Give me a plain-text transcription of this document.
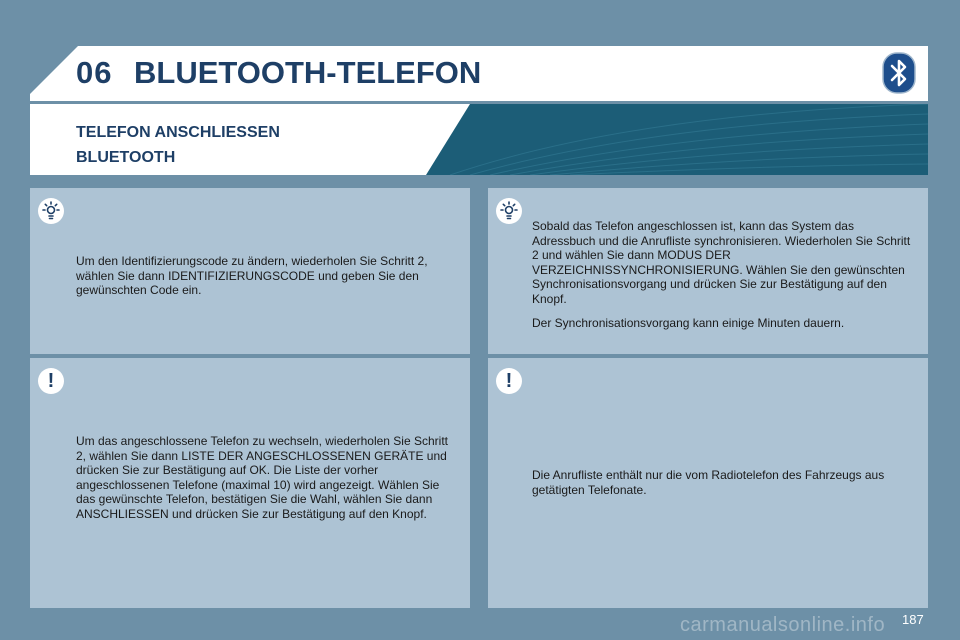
06 BLUETOOTH-TELEFON
TELEFON ANSCHLIESSEN
BLUETOOTH
!	!
Um den Identifizierungscode zu ändern, wiederholen Sie Schritt 2, wählen Sie dann IDENTIFIZIERUNGSCODE und geben Sie den gewünschten Code ein.
Sobald das Telefon angeschlossen ist, kann das System das Adressbuch und die Anrufliste synchronisieren. Wiederholen Sie Schritt 2 und wählen Sie dann MODUS DER VERZEICHNISSYNCHRONISIERUNG. Wählen Sie den gewünschten Synchronisationsvorgang und drücken Sie zur Bestätigung auf den Knopf.
Der Synchronisationsvorgang kann einige Minuten dauern.
Um das angeschlossene Telefon zu wechseln, wiederholen Sie Schritt 2, wählen Sie dann LISTE DER ANGESCHLOSSENEN GERÄTE und drücken Sie zur Bestätigung auf OK. Die Liste der vorher angeschlossenen Telefone (maximal 10) wird angezeigt. Wählen Sie das gewünschte Telefon, bestätigen Sie die Wahl, wählen Sie dann ANSCHLIESSEN und drücken Sie zur Bestätigung auf den Knopf.
Die Anrufliste enthält nur die vom Radiotelefon des Fahrzeugs aus getätigten Telefonate.
carmanualsonline.info 187
